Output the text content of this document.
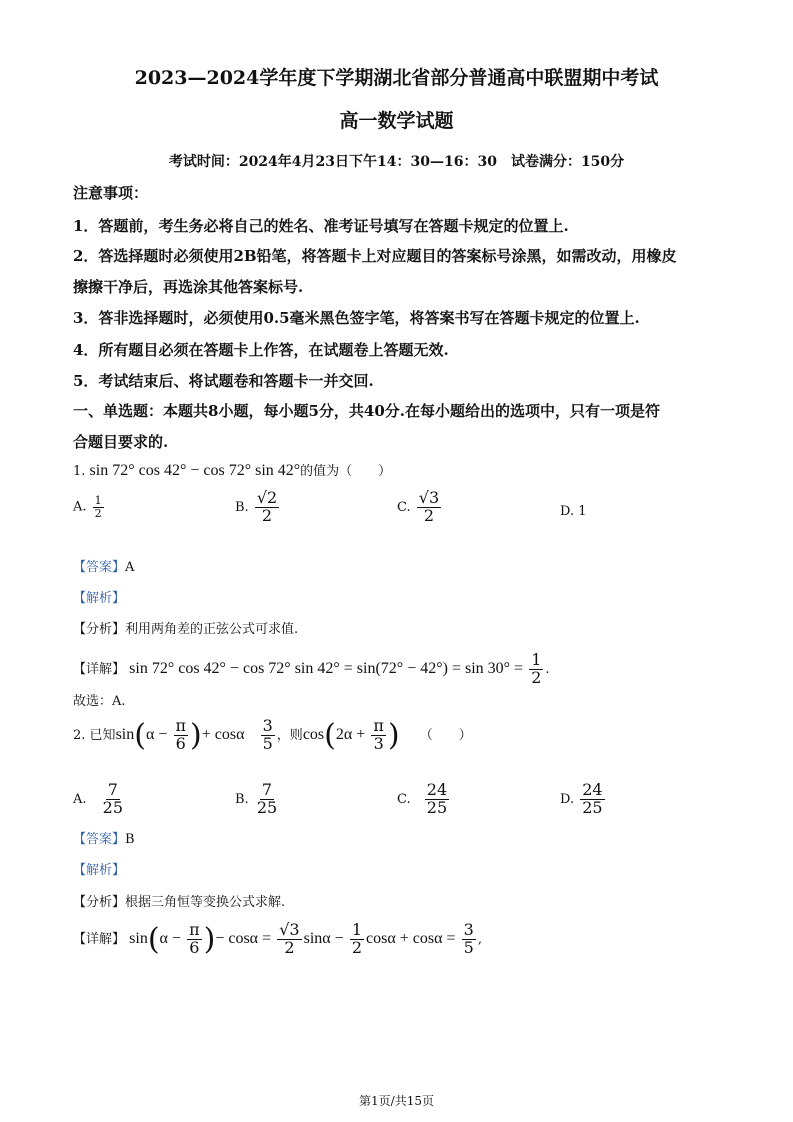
2023—2024学年度下学期湖北省部分普通高中联盟期中考试
高一数学试题
考试时间：2024年4月23日下午14：30—16：30　试卷满分：150分
注意事项：
1．答题前，考生务必将自己的姓名、准考证号填写在答题卡规定的位置上.
2．答选择题时必须使用2B铅笔，将答题卡上对应题目的答案标号涂黑，如需改动，用橡皮
擦擦干净后，再选涂其他答案标号.
3．答非选择题时，必须使用0.5毫米黑色签字笔，将答案书写在答题卡规定的位置上.
4．所有题目必须在答题卡上作答，在试题卷上答题无效.
5．考试结束后、将试题卷和答题卡一并交回.
一、单选题：本题共8小题，每小题5分，共40分.在每小题给出的选项中，只有一项是符
合题目要求的.
1. sin 72° cos 42° − cos 72° sin 42°的值为（　　）
A. $\frac{1}{2}$	B. $\frac{√2}{2}$	C. $\frac{√3}{2}$	D. 1
【答案】A
【解析】
【分析】利用两角差的正弦公式可求值.
【详解】 sin 72° cos 42° − cos 72° $\sin 42^\circ = \sin(72^\circ - 42^\circ) = \sin 30^\circ = \frac{1}{2}$ .
故选：A.
2. 已知$\sin(\alpha - \frac{\pi}{6}$ )+ cosα $\frac{3}{5}$ ，则$\cos(2\alpha + \frac{\pi}{3}$ ) （　　）
A. $\frac{7}{25}$	B. $\frac{7}{25}$	C. $\frac{24}{25}$	D. $\frac{24}{25}$
【答案】B
【解析】
【分析】根据三角恒等变换公式求解.
【详解】 $\sin(\alpha - \frac{\pi}{6}$ )− $\cos\alpha = \frac{√3}{2}$ $\sin\alpha - \frac{1}{2}$ $\cos\alpha + \cos\alpha = \frac{3}{5}$ ,
第1页/共15页
